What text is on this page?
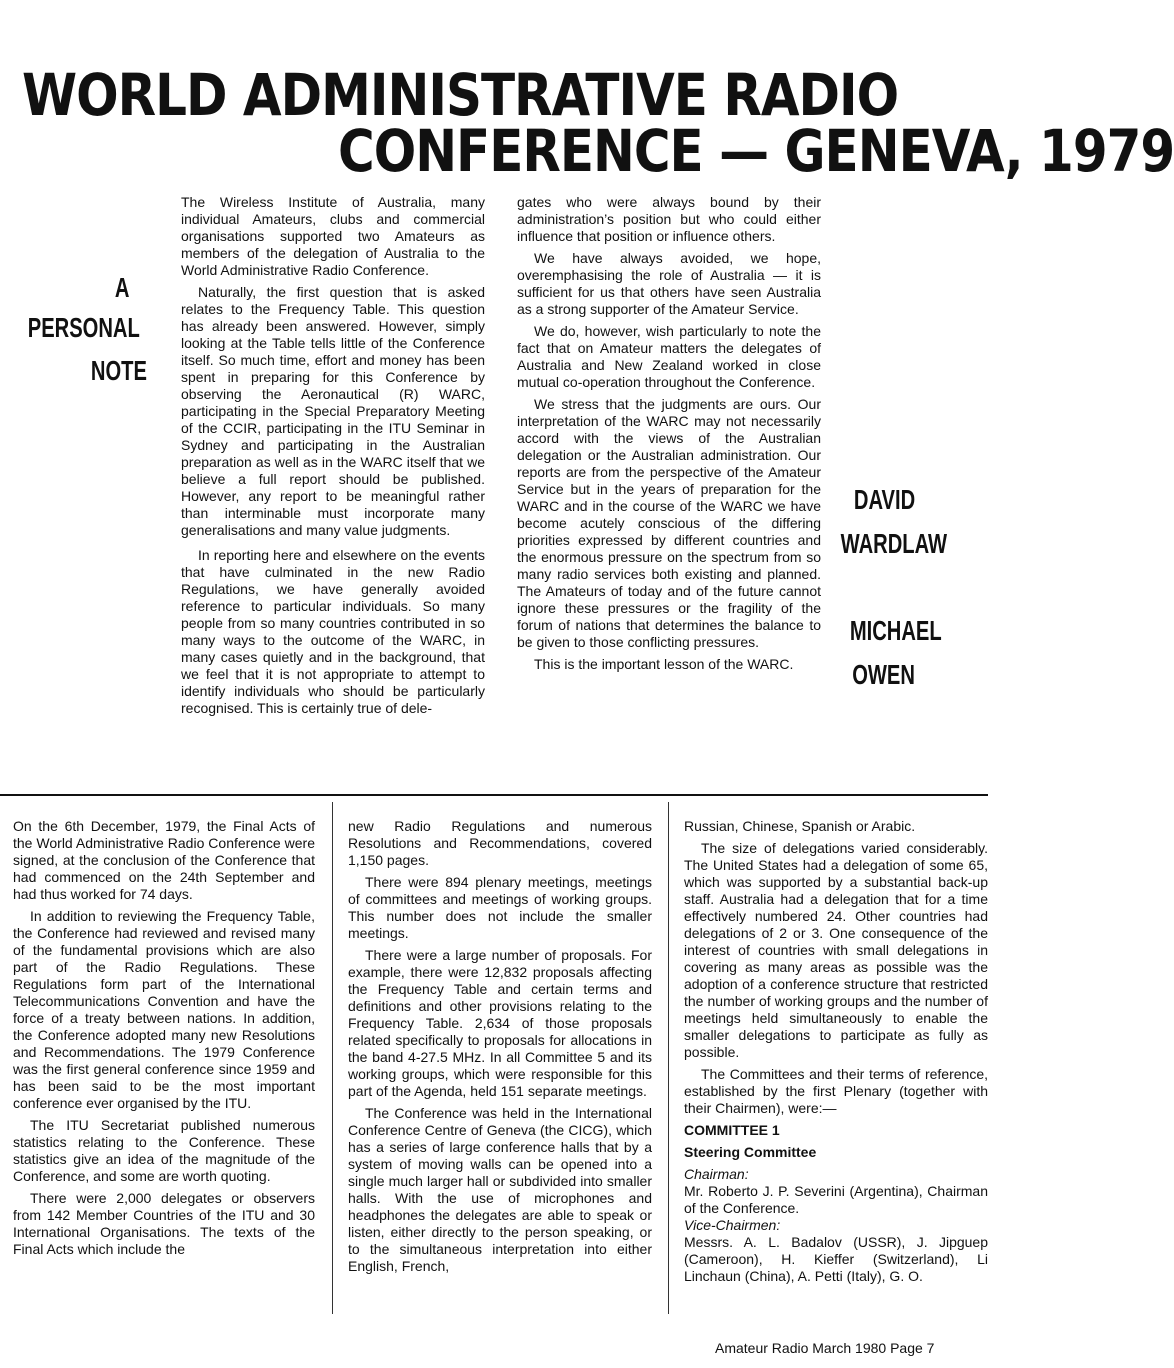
WORLD ADMINISTRATIVE RADIO
CONFERENCE — GENEVA, 1979
A
PERSONAL
NOTE
DAVID
WARDLAW
MICHAEL
OWEN

The Wireless Institute of Australia, many individual Amateurs, clubs and commercial organisations supported two Amateurs as members of the delegation of Australia to the World Administrative Radio Conference.

Naturally, the first question that is asked relates to the Frequency Table. This question has already been answered. However, simply looking at the Table tells little of the Conference itself. So much time, effort and money has been spent in preparing for this Conference by observing the Aeronautical (R) WARC, participating in the Special Preparatory Meeting of the CCIR, participating in the ITU Seminar in Sydney and participating in the Australian preparation as well as in the WARC itself that we believe a full report should be published. However, any report to be meaningful rather than interminable must incorporate many generalisations and many value judgments.

In reporting here and elsewhere on the events that have culminated in the new Radio Regulations, we have generally avoided reference to particular individuals. So many people from so many countries contributed in so many ways to the outcome of the WARC, in many cases quietly and in the background, that we feel that it is not appropriate to attempt to identify individuals who should be particularly recognised. This is certainly true of dele-

gates who were always bound by their administration’s position but who could either influence that position or influence others.

We have always avoided, we hope, overemphasising the role of Australia — it is sufficient for us that others have seen Australia as a strong supporter of the Amateur Service.

We do, however, wish particularly to note the fact that on Amateur matters the delegates of Australia and New Zealand worked in close mutual co-operation throughout the Conference.

We stress that the judgments are ours. Our interpretation of the WARC may not necessarily accord with the views of the Australian delegation or the Australian administration. Our reports are from the perspective of the Amateur Service but in the years of preparation for the WARC and in the course of the WARC we have become acutely conscious of the differing priorities expressed by different countries and the enormous pressure on the spectrum from so many radio services both existing and planned. The Amateurs of today and of the future cannot ignore these pressures or the fragility of the forum of nations that determines the balance to be given to those conflicting pressures.

This is the important lesson of the WARC.

On the 6th December, 1979, the Final Acts of the World Administrative Radio Conference were signed, at the conclusion of the Conference that had commenced on the 24th September and had thus worked for 74 days.

In addition to reviewing the Frequency Table, the Conference had reviewed and revised many of the fundamental provisions which are also part of the Radio Regulations. These Regulations form part of the International Telecommunications Convention and have the force of a treaty between nations. In addition, the Conference adopted many new Resolutions and Recommendations. The 1979 Conference was the first general conference since 1959 and has been said to be the most important conference ever organised by the ITU.

The ITU Secretariat published numerous statistics relating to the Conference. These statistics give an idea of the magnitude of the Conference, and some are worth quoting.

There were 2,000 delegates or observers from 142 Member Countries of the ITU and 30 International Organisations. The texts of the Final Acts which include the

new Radio Regulations and numerous Resolutions and Recommendations, covered 1,150 pages.

There were 894 plenary meetings, meetings of committees and meetings of working groups. This number does not include the smaller meetings.

There were a large number of proposals. For example, there were 12,832 proposals affecting the Frequency Table and certain terms and definitions and other provisions relating to the Frequency Table. 2,634 of those proposals related specifically to proposals for allocations in the band 4-27.5 MHz. In all Committee 5 and its working groups, which were responsible for this part of the Agenda, held 151 separate meetings.

The Conference was held in the International Conference Centre of Geneva (the CICG), which has a series of large conference halls that by a system of moving walls can be opened into a single much larger hall or subdivided into smaller halls. With the use of microphones and headphones the delegates are able to speak or listen, either directly to the person speaking, or to the simultaneous interpretation into either English, French,

Russian, Chinese, Spanish or Arabic.

The size of delegations varied considerably. The United States had a delegation of some 65, which was supported by a substantial back-up staff. Australia had a delegation that for a time effectively numbered 24. Other countries had delegations of 2 or 3. One consequence of the interest of countries with small delegations in covering as many areas as possible was the adoption of a conference structure that restricted the number of working groups and the number of meetings held simultaneously to enable the smaller delegations to participate as fully as possible.

The Committees and their terms of reference, established by the first Plenary (together with their Chairmen), were:—

COMMITTEE 1

Steering Committee

Chairman:

Mr. Roberto J. P. Severini (Argentina), Chairman of the Conference.

Vice-Chairmen:

Messrs. A. L. Badalov (USSR), J. Jipguep (Cameroon), H. Kieffer (Switzerland), Li Linchaun (China), A. Petti (Italy), G. O.

Amateur Radio March 1980 Page 7
